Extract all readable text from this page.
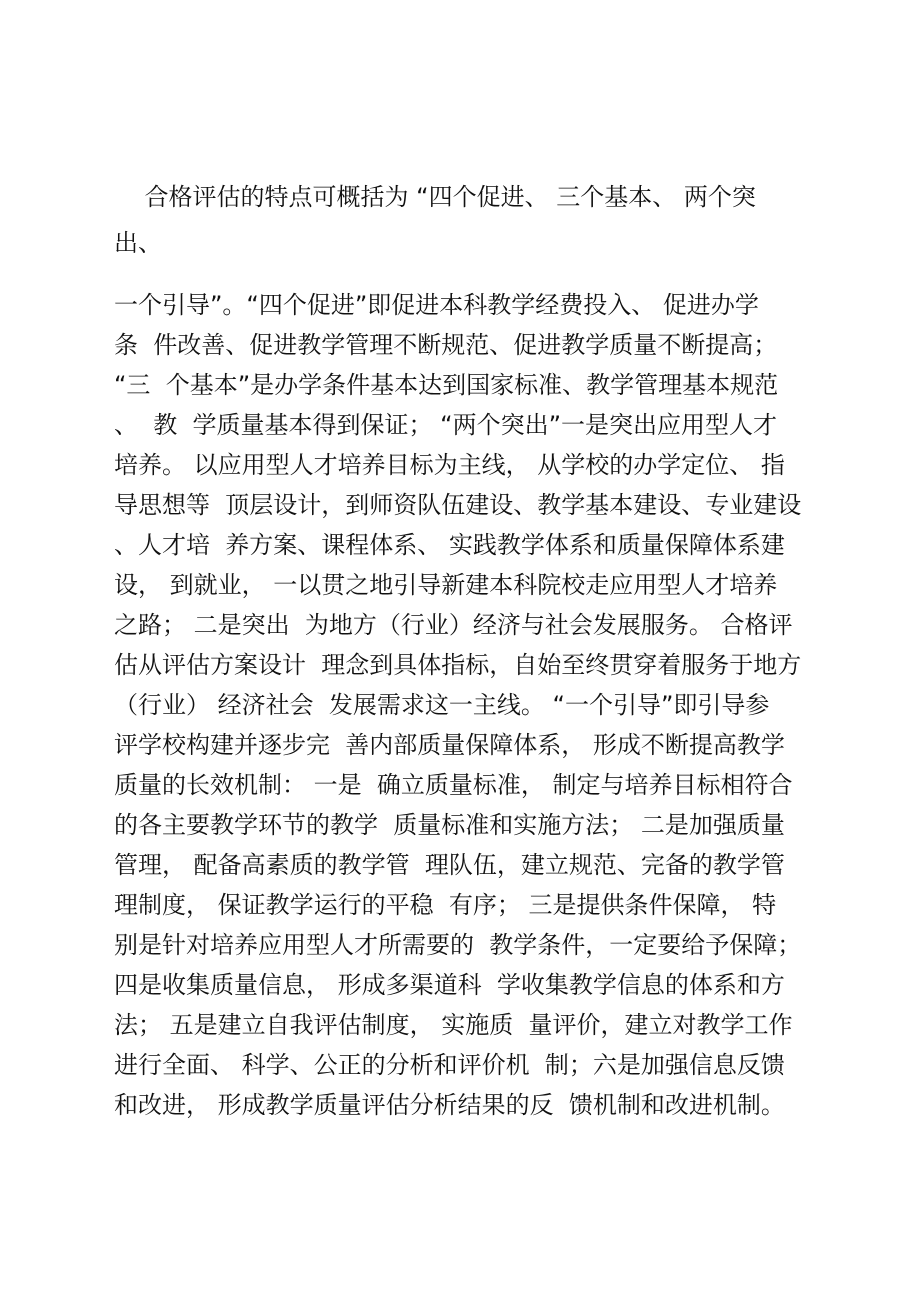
合格评估的特点可概括为 “四个促进、 三个基本、 两个突

出、

一个引导”。“四个促进”即促进本科教学经费投入、 促进办学

条  件改善、促进教学管理不断规范、促进教学质量不断提高；

“三  个基本”是办学条件基本达到国家标准、教学管理基本规范

、  教  学质量基本得到保证； “两个突出”一是突出应用型人才

培养。 以应用型人才培养目标为主线， 从学校的办学定位、 指

导思想等  顶层设计，到师资队伍建设、教学基本建设、专业建设

、人才培  养方案、课程体系、 实践教学体系和质量保障体系建

设， 到就业， 一以贯之地引导新建本科院校走应用型人才培养

之路； 二是突出  为地方（行业）经济与社会发展服务。 合格评

估从评估方案设计  理念到具体指标，自始至终贯穿着服务于地方

（行业） 经济社会  发展需求这一主线。 “一个引导”即引导参

评学校构建并逐步完  善内部质量保障体系， 形成不断提高教学

质量的长效机制： 一是  确立质量标准， 制定与培养目标相符合

的各主要教学环节的教学  质量标准和实施方法； 二是加强质量

管理， 配备高素质的教学管  理队伍，建立规范、完备的教学管

理制度， 保证教学运行的平稳  有序； 三是提供条件保障， 特

别是针对培养应用型人才所需要的  教学条件，一定要给予保障；

四是收集质量信息， 形成多渠道科  学收集教学信息的体系和方

法； 五是建立自我评估制度， 实施质  量评价，建立对教学工作

进行全面、 科学、公正的分析和评价机  制；六是加强信息反馈

和改进， 形成教学质量评估分析结果的反  馈机制和改进机制。
